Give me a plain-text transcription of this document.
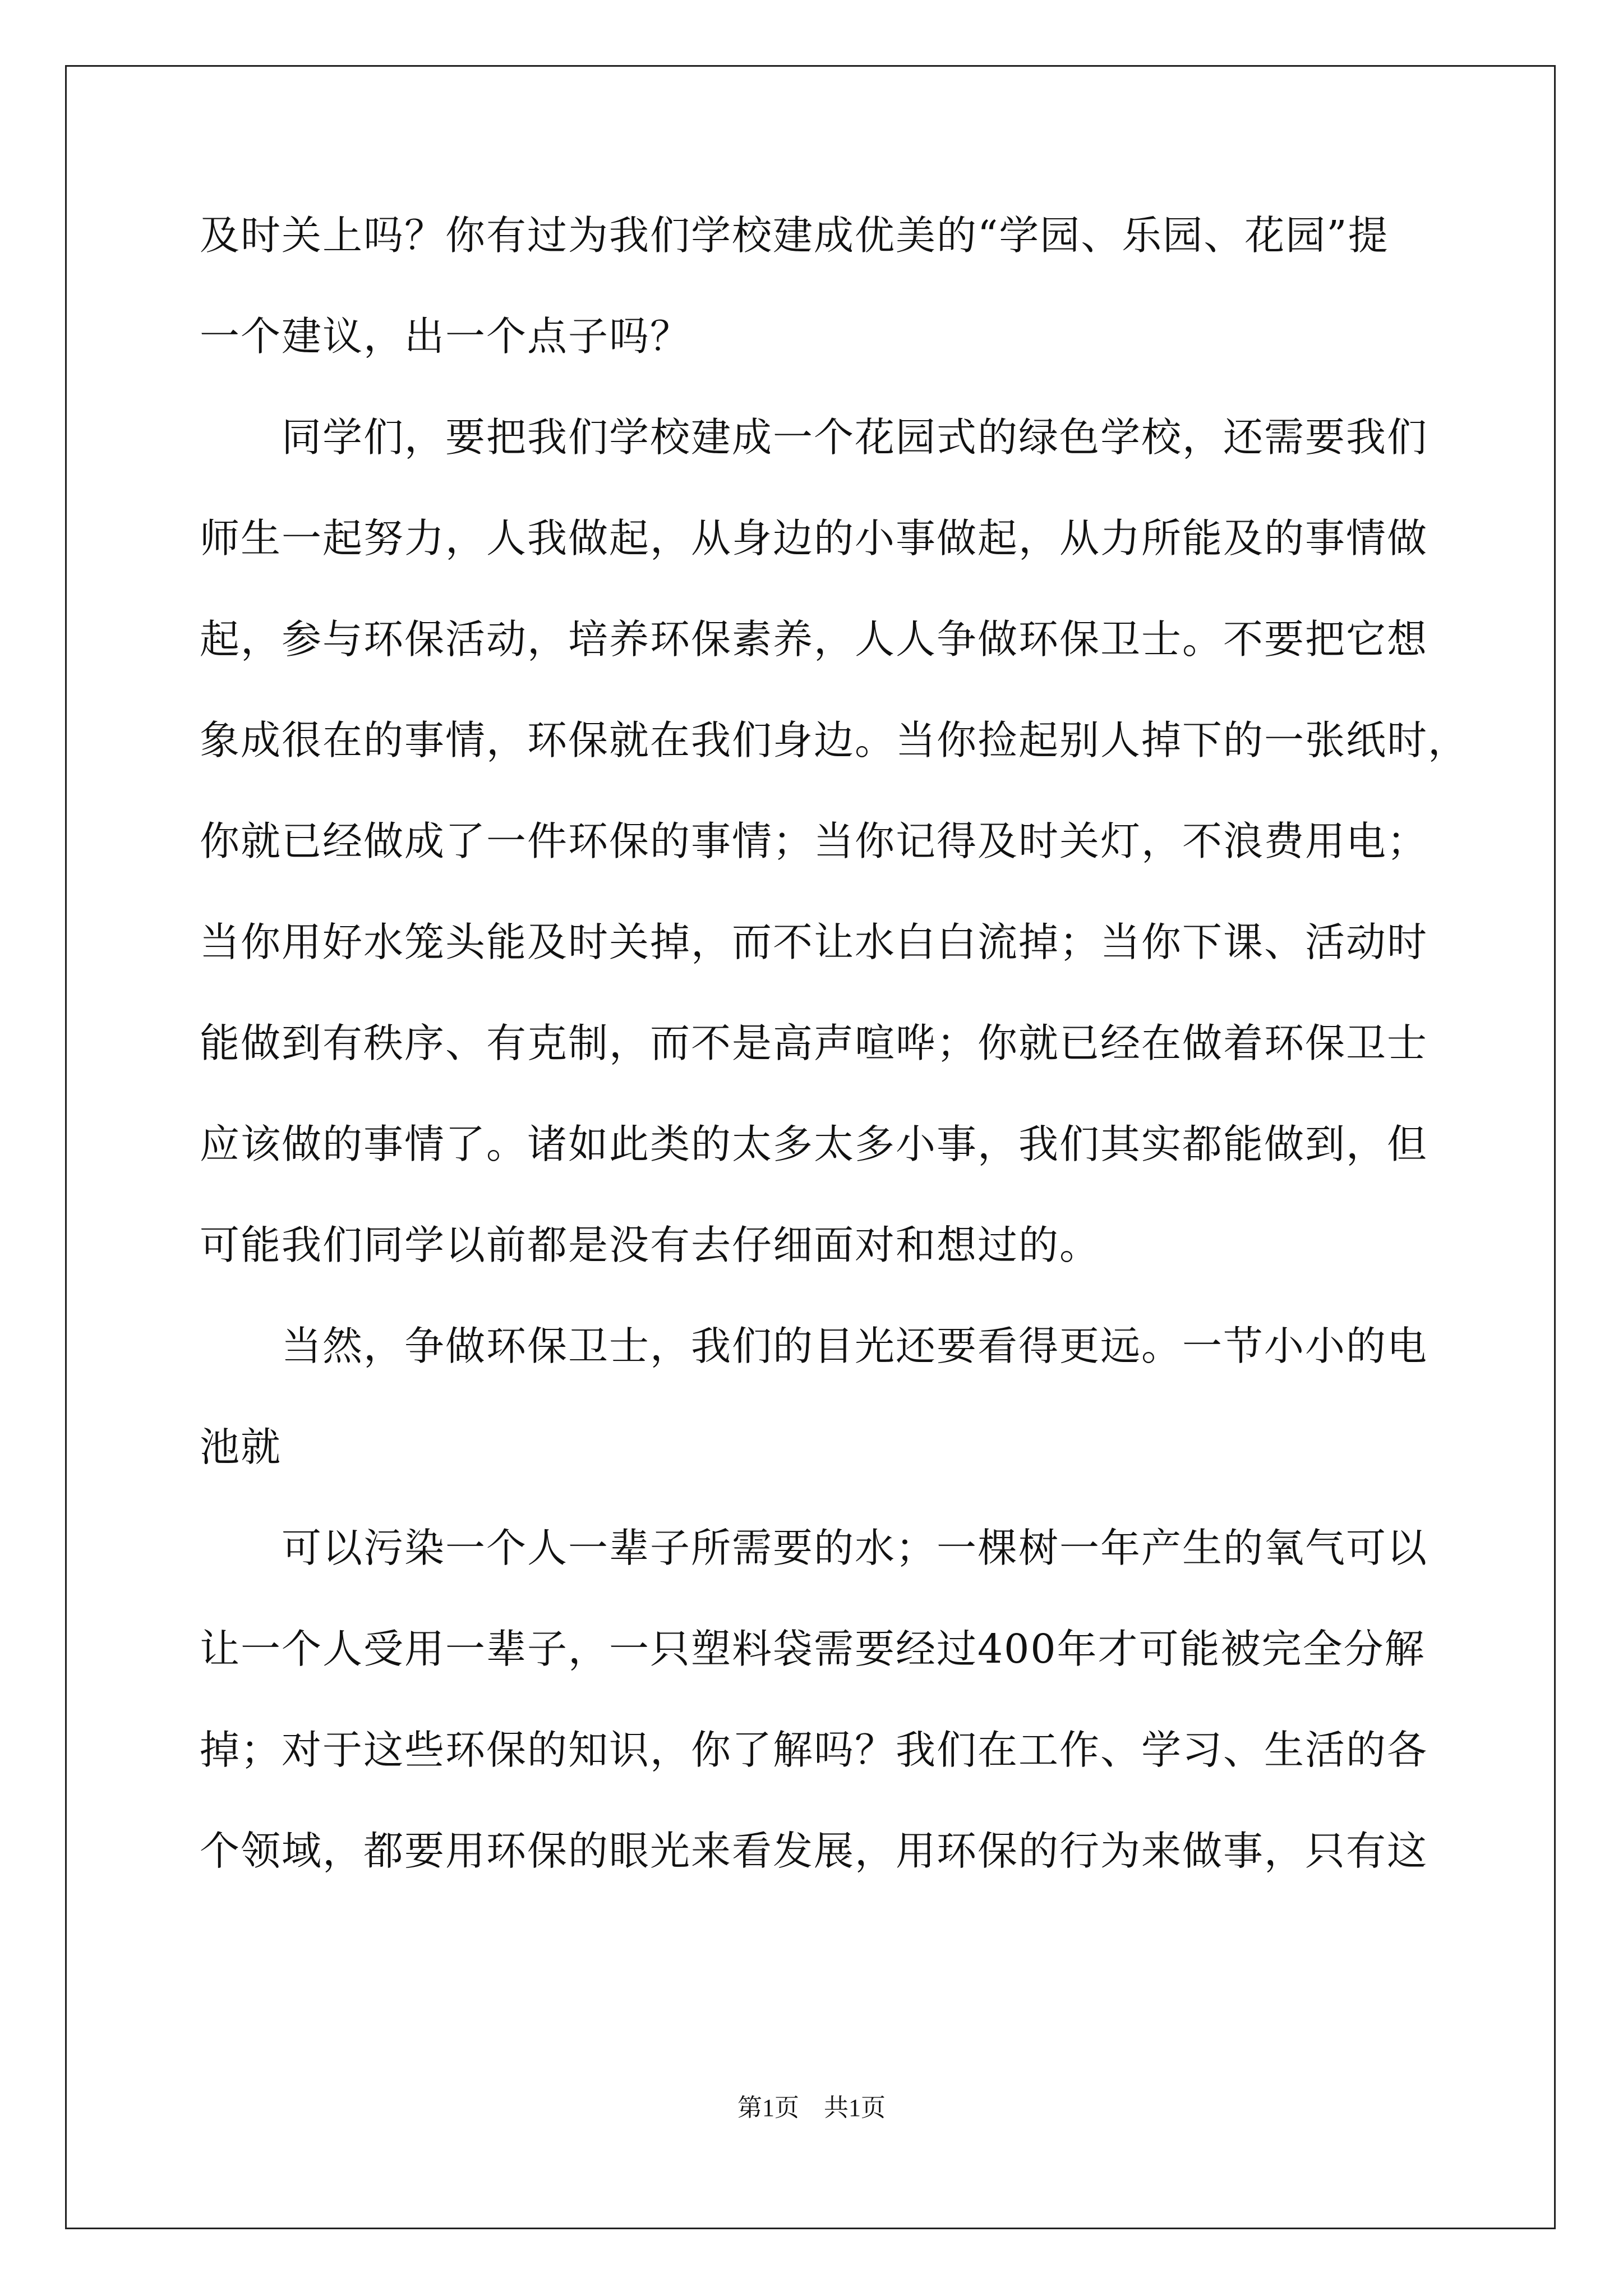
及时关上吗？你有过为我们学校建成优美的“学园、乐园、花园”提
一个建议，出一个点子吗？
同学们，要把我们学校建成一个花园式的绿色学校，还需要我们
师生一起努力，人我做起，从身边的小事做起，从力所能及的事情做
起，参与环保活动，培养环保素养，人人争做环保卫士。不要把它想
象成很在的事情，环保就在我们身边。当你捡起别人掉下的一张纸时，
你就已经做成了一件环保的事情；当你记得及时关灯，不浪费用电；
当你用好水笼头能及时关掉，而不让水白白流掉；当你下课、活动时
能做到有秩序、有克制，而不是高声喧哗；你就已经在做着环保卫士
应该做的事情了。诸如此类的太多太多小事，我们其实都能做到，但
可能我们同学以前都是没有去仔细面对和想过的。
当然，争做环保卫士，我们的目光还要看得更远。一节小小的电
池就
可以污染一个人一辈子所需要的水；一棵树一年产生的氧气可以
让一个人受用一辈子，一只塑料袋需要经过400年才可能被完全分解
掉；对于这些环保的知识，你了解吗？我们在工作、学习、生活的各
个领域，都要用环保的眼光来看发展，用环保的行为来做事，只有这
第1页　共1页
